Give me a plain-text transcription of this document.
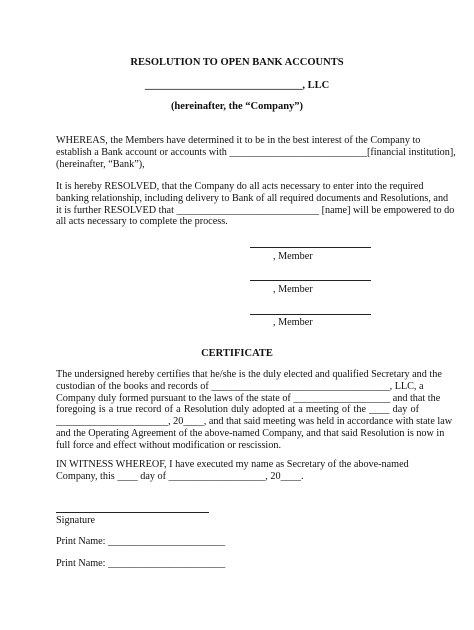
RESOLUTION TO OPEN BANK ACCOUNTS
______________________________, LLC
(hereinafter, the “Company”)
WHEREAS, the Members have determined it to be in the best interest of the Company to
establish a Bank account or accounts with ___________________________[financial institution],
(hereinafter, “Bank”),
It is hereby RESOLVED, that the Company do all acts necessary to enter into the required
banking relationship, including delivery to Bank of all required documents and Resolutions, and
it is further RESOLVED that ____________________________ [name] will be empowered to do
all acts necessary to complete the process.
, Member
, Member
, Member
CERTIFICATE
The undersigned hereby certifies that he/she is the duly elected and qualified Secretary and the
custodian of the books and records of ___________________________________, LLC, a
Company duly formed pursuant to the laws of the state of ___________________ and that the
foregoing is a true record of a Resolution duly adopted at a meeting of the ____ day of
______________________, 20____, and that said meeting was held in accordance with state law
and the Operating Agreement of the above-named Company, and that said Resolution is now in
full force and effect without modification or rescission.
IN WITNESS WHEREOF, I have executed my name as Secretary of the above-named
Company, this ____ day of ___________________, 20____.
Signature
Print Name: _______________________
Print Name: _______________________
